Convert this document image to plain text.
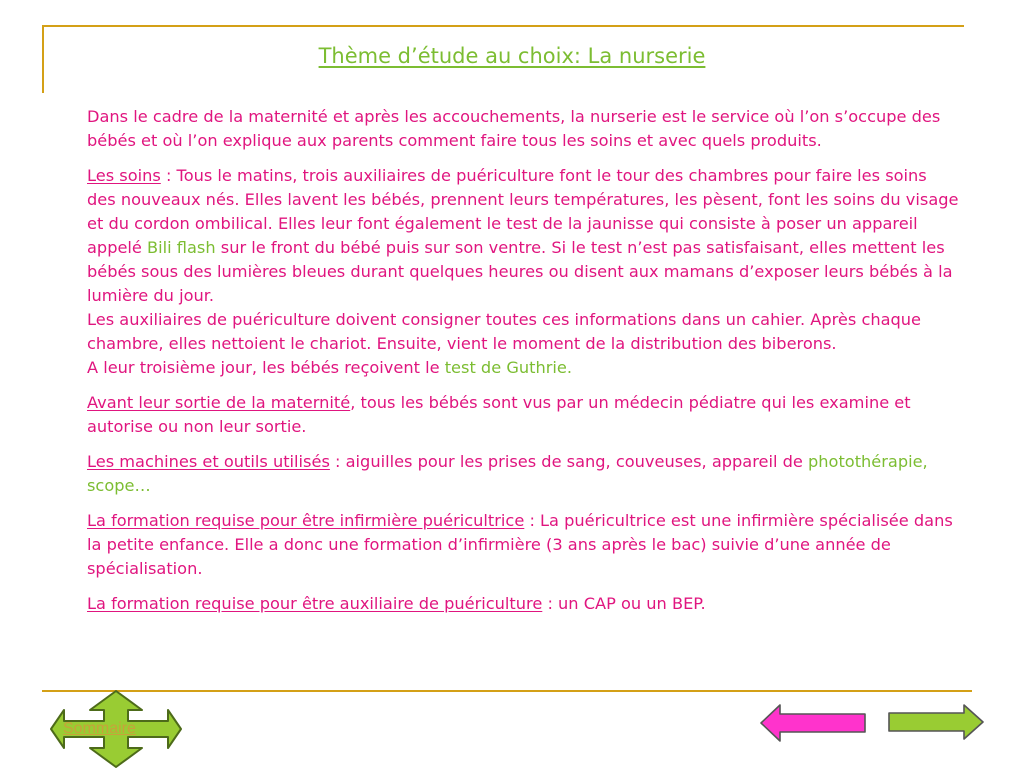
Thème d’étude au choix: La nurserie

Dans le cadre de la maternité et après les accouchements, la nurserie est le service où l’on s’occupe des bébés et où l’on explique aux parents comment faire tous les soins et avec quels produits.

Les soins : Tous le matins, trois auxiliaires de puériculture font le tour des chambres pour faire les soins des nouveaux nés. Elles lavent les bébés, prennent leurs températures, les pèsent, font les soins du visage et du cordon ombilical. Elles leur font également le test de la jaunisse qui consiste à poser un appareil appelé Bili flash sur le front du bébé puis sur son ventre. Si le test n’est pas satisfaisant, elles mettent les bébés sous des lumières bleues durant quelques heures ou disent aux mamans d’exposer leurs bébés à la lumière du jour.
Les auxiliaires de puériculture doivent consigner toutes ces informations dans un cahier. Après chaque chambre, elles nettoient le chariot. Ensuite, vient le moment de la distribution des biberons.
A leur troisième jour, les bébés reçoivent le test de Guthrie.

Avant leur sortie de la maternité, tous les bébés sont vus par un médecin pédiatre qui les examine et autorise ou non leur sortie.

Les machines et outils utilisés : aiguilles pour les prises de sang, couveuses, appareil de photothérapie, scope…

La formation requise pour être infirmière puéricultrice : La puéricultrice est une infirmière spécialisée dans la petite enfance. Elle a donc une formation d’infirmière (3 ans après le bac) suivie d’une année de spécialisation.

La formation requise pour être auxiliaire de puériculture : un CAP ou un BEP.

Sommaire
